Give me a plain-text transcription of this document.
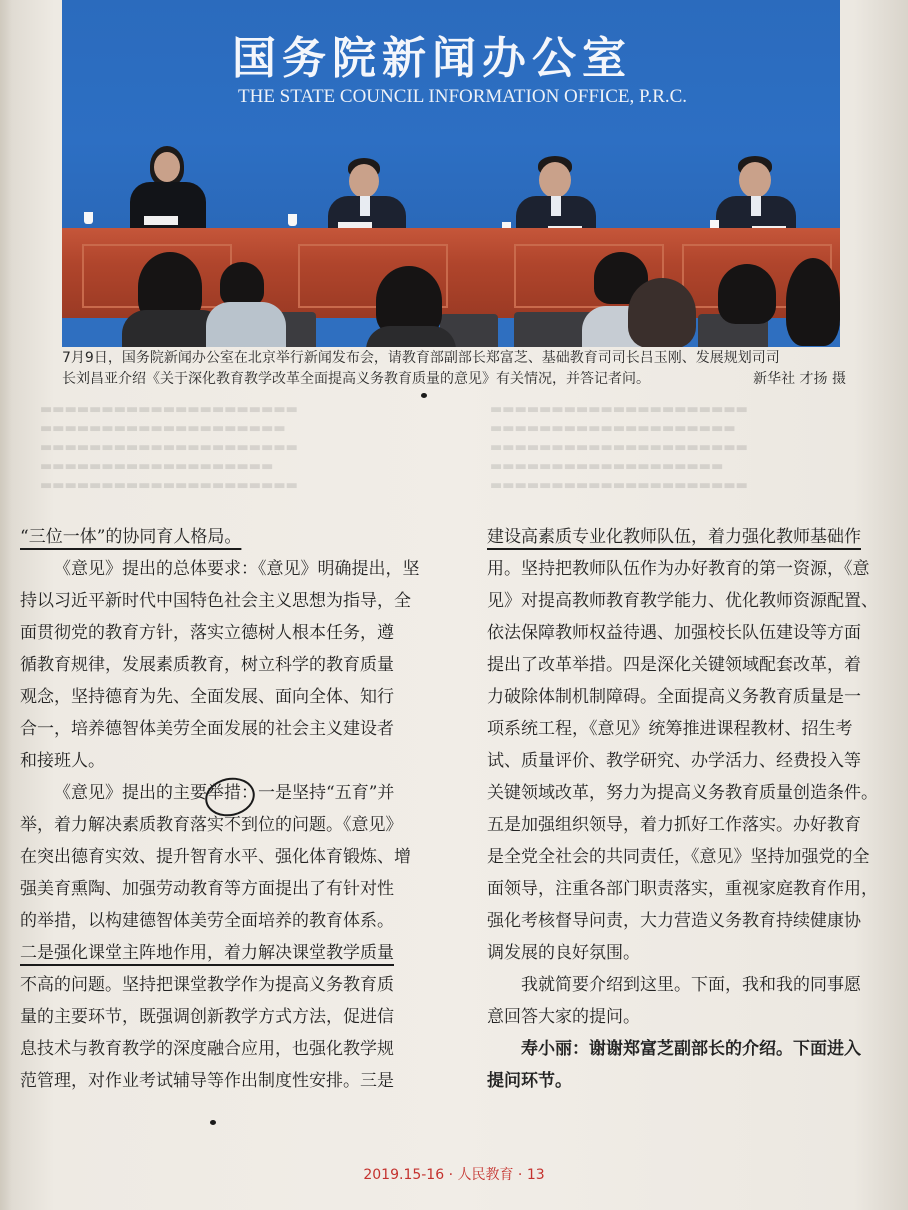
国务院新闻办公室
THE STATE COUNCIL INFORMATION OFFICE, P.R.C.
7月9日，国务院新闻办公室在北京举行新闻发布会，请教育部副部长郑富芝、基础教育司司长吕玉刚、发展规划司司
长刘昌亚介绍《关于深化教育教学改革全面提高义务教育质量的意见》有关情况，并答记者问。	新华社 才扬 摄
▬▬▬▬▬▬▬▬▬▬▬▬▬▬▬▬▬▬▬▬▬
▬▬▬▬▬▬▬▬▬▬▬▬▬▬▬▬▬▬▬▬
▬▬▬▬▬▬▬▬▬▬▬▬▬▬▬▬▬▬▬▬▬
▬▬▬▬▬▬▬▬▬▬▬▬▬▬▬▬▬▬▬
▬▬▬▬▬▬▬▬▬▬▬▬▬▬▬▬▬▬▬▬▬
▬▬▬▬▬▬▬▬▬▬▬▬▬▬▬▬▬▬▬▬▬
▬▬▬▬▬▬▬▬▬▬▬▬▬▬▬▬▬▬▬▬
▬▬▬▬▬▬▬▬▬▬▬▬▬▬▬▬▬▬▬▬▬
▬▬▬▬▬▬▬▬▬▬▬▬▬▬▬▬▬▬▬
▬▬▬▬▬▬▬▬▬▬▬▬▬▬▬▬▬▬▬▬▬
“三位一体”的协同育人格局。
《意见》提出的总体要求：《意见》明确提出，坚
持以习近平新时代中国特色社会主义思想为指导，全
面贯彻党的教育方针，落实立德树人根本任务，遵
循教育规律，发展素质教育，树立科学的教育质量
观念，坚持德育为先、全面发展、面向全体、知行
合一，培养德智体美劳全面发展的社会主义建设者
和接班人。
《意见》提出的主要举措：一是坚持“五育”并
举，着力解决素质教育落实不到位的问题。《意见》
在突出德育实效、提升智育水平、强化体育锻炼、增
强美育熏陶、加强劳动教育等方面提出了有针对性
的举措，以构建德智体美劳全面培养的教育体系。
二是强化课堂主阵地作用，着力解决课堂教学质量
不高的问题。坚持把课堂教学作为提高义务教育质
量的主要环节，既强调创新教学方式方法，促进信
息技术与教育教学的深度融合应用，也强化教学规
范管理，对作业考试辅导等作出制度性安排。三是
建设高素质专业化教师队伍，着力强化教师基础作
用。坚持把教师队伍作为办好教育的第一资源，《意
见》对提高教师教育教学能力、优化教师资源配置、
依法保障教师权益待遇、加强校长队伍建设等方面
提出了改革举措。四是深化关键领域配套改革，着
力破除体制机制障碍。全面提高义务教育质量是一
项系统工程，《意见》统筹推进课程教材、招生考
试、质量评价、教学研究、办学活力、经费投入等
关键领域改革，努力为提高义务教育质量创造条件。
五是加强组织领导，着力抓好工作落实。办好教育
是全党全社会的共同责任，《意见》坚持加强党的全
面领导，注重各部门职责落实，重视家庭教育作用，
强化考核督导问责，大力营造义务教育持续健康协
调发展的良好氛围。
我就简要介绍到这里。下面，我和我的同事愿
意回答大家的提问。
寿小丽：谢谢郑富芝副部长的介绍。下面进入
提问环节。
2019.15-16 · 人民教育 · 13
